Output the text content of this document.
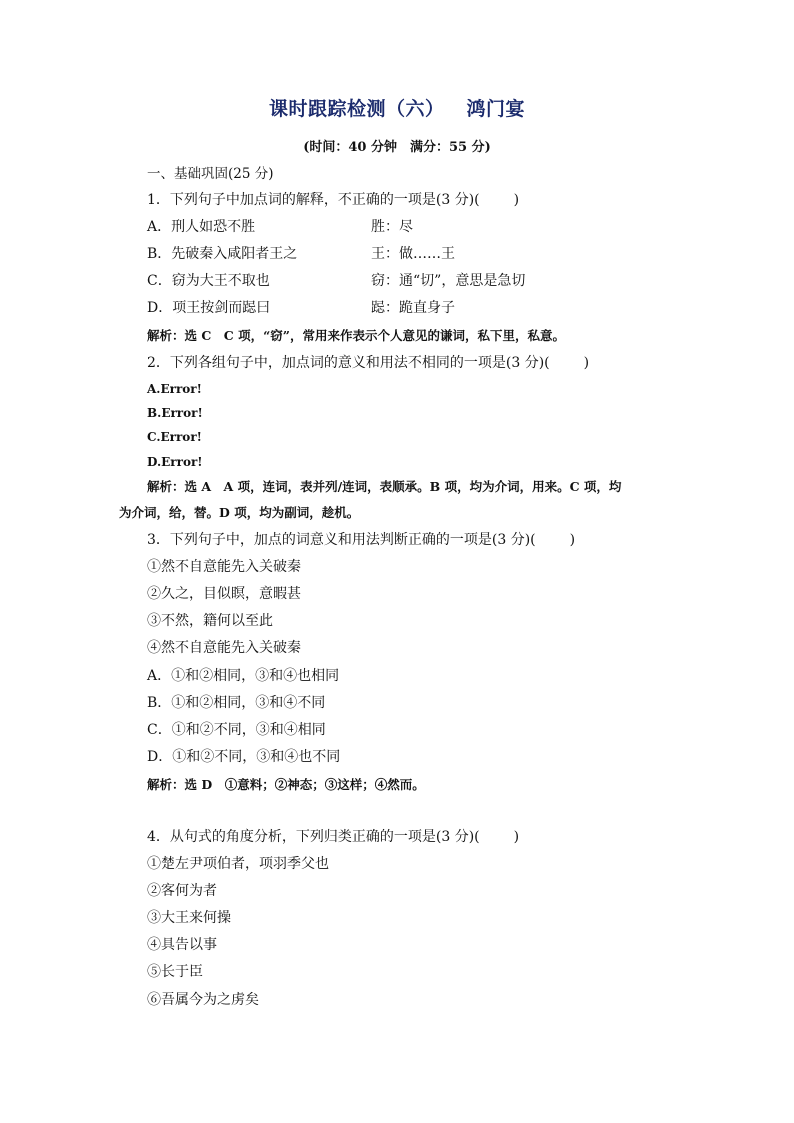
课时跟踪检测（六） 鸿门宴
(时间：40 分钟　满分：55 分)
一、基础巩固(25 分)
1．下列句子中加点词的解释，不正确的一项是(3 分)( )
A．刑人如恐不胜	胜：尽
B．先破秦入咸阳者王之	王：做……王
C．窃为大王不取也	窃：通“切”，意思是急切
D．项王按剑而跽曰	跽：跪直身子
解析：选 C　C 项，“窃”，常用来作表示个人意见的谦词，私下里，私意。
2．下列各组句子中，加点词的意义和用法不相同的一项是(3 分)( )
A.Error!
B.Error!
C.Error!
D.Error!
解析：选 A　A 项，连词，表并列/连词，表顺承。B 项，均为介词，用来。C 项，均
为介词，给，替。D 项，均为副词，趁机。
3．下列句子中，加点的词意义和用法判断正确的一项是(3 分)( )
①然不自意能先入关破秦
②久之，目似瞑，意暇甚
③不然，籍何以至此
④然不自意能先入关破秦
A．①和②相同，③和④也相同
B．①和②相同，③和④不同
C．①和②不同，③和④相同
D．①和②不同，③和④也不同
解析：选 D　①意料；②神态；③这样；④然而。
4．从句式的角度分析，下列归类正确的一项是(3 分)( )
①楚左尹项伯者，项羽季父也
②客何为者
③大王来何操
④具告以事
⑤长于臣
⑥吾属今为之虏矣
